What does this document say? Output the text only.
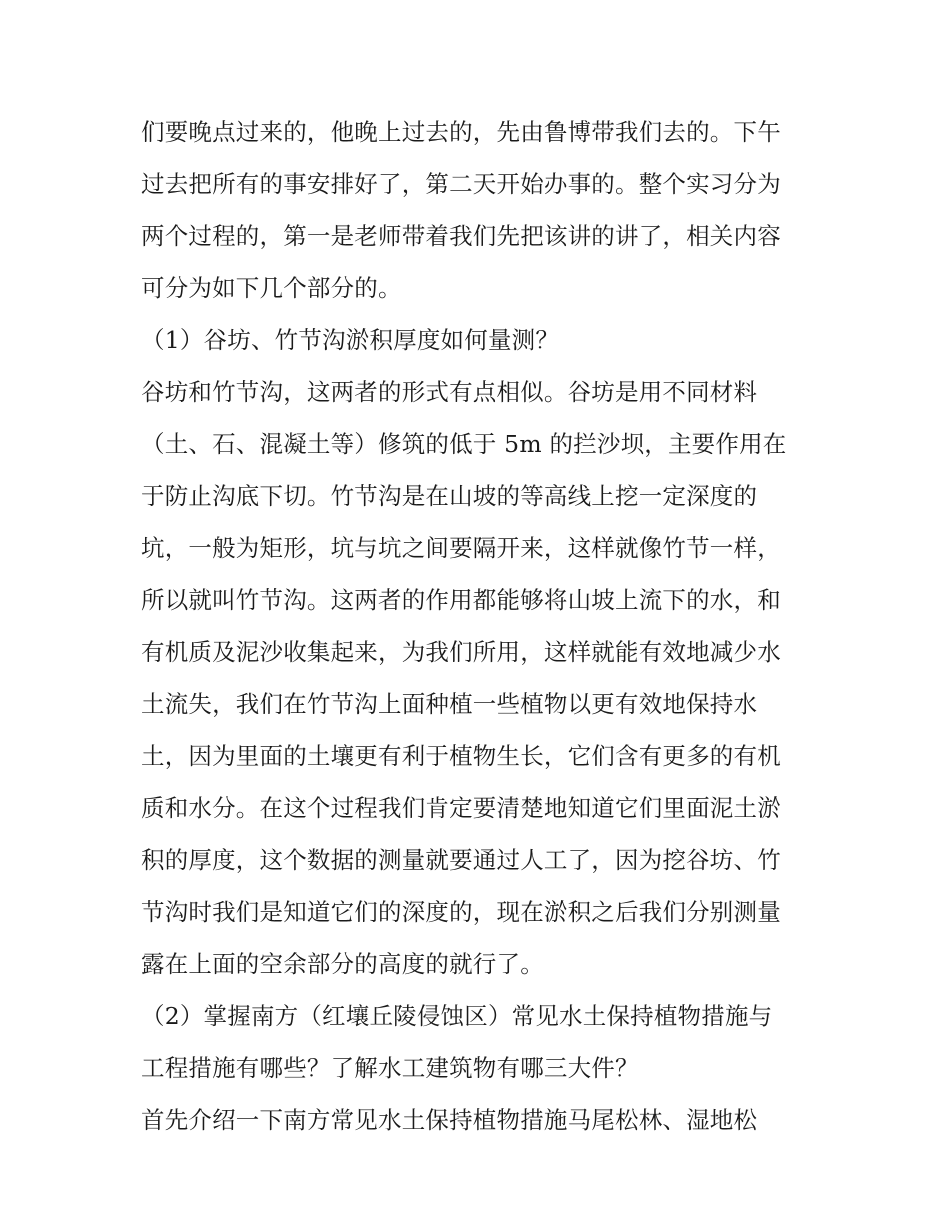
们要晚点过来的，他晚上过去的，先由鲁博带我们去的。下午
过去把所有的事安排好了，第二天开始办事的。整个实习分为
两个过程的，第一是老师带着我们先把该讲的讲了，相关内容
可分为如下几个部分的。
（1）谷坊、竹节沟淤积厚度如何量测？
谷坊和竹节沟，这两者的形式有点相似。谷坊是用不同材料
（土、石、混凝土等）修筑的低于 5m 的拦沙坝，主要作用在
于防止沟底下切。竹节沟是在山坡的等高线上挖一定深度的
坑，一般为矩形，坑与坑之间要隔开来，这样就像竹节一样，
所以就叫竹节沟。这两者的作用都能够将山坡上流下的水，和
有机质及泥沙收集起来，为我们所用，这样就能有效地减少水
土流失，我们在竹节沟上面种植一些植物以更有效地保持水
土，因为里面的土壤更有利于植物生长，它们含有更多的有机
质和水分。在这个过程我们肯定要清楚地知道它们里面泥土淤
积的厚度，这个数据的测量就要通过人工了，因为挖谷坊、竹
节沟时我们是知道它们的深度的，现在淤积之后我们分别测量
露在上面的空余部分的高度的就行了。
（2）掌握南方（红壤丘陵侵蚀区）常见水土保持植物措施与
工程措施有哪些？了解水工建筑物有哪三大件？
首先介绍一下南方常见水土保持植物措施马尾松林、湿地松
